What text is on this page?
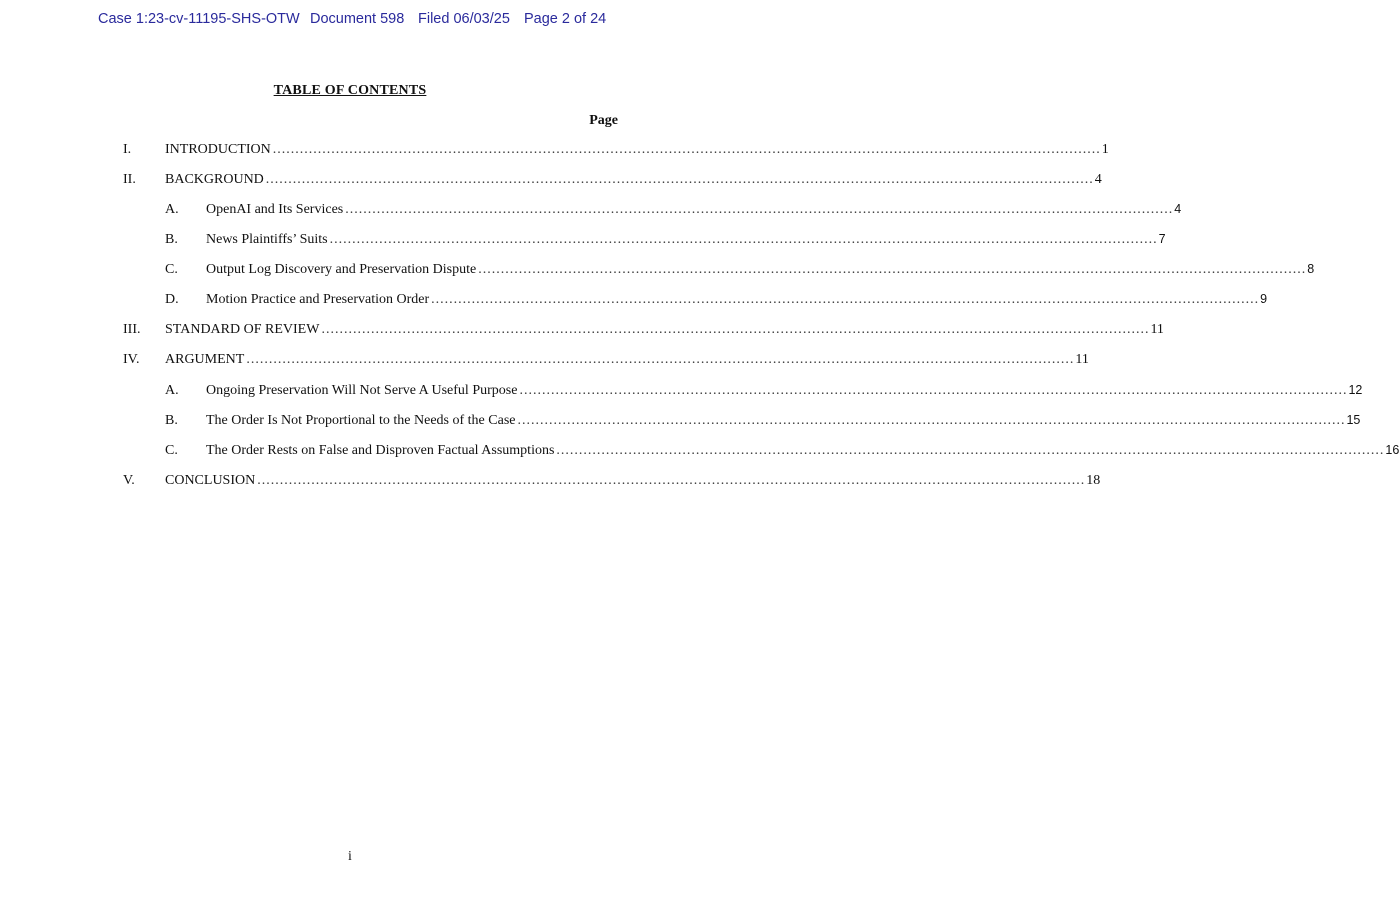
Case 1:23-cv-11195-SHS-OTW Document 598 Filed 06/03/25 Page 2 of 24
TABLE OF CONTENTS
Page
I. INTRODUCTION ........................................................................................................................................................................................ 1
II. BACKGROUND ........................................................................................................................................................................................ 4
A. OpenAI and Its Services ........................................................................................................................................................................................ 4
B. News Plaintiffs’ Suits ........................................................................................................................................................................................ 7
C. Output Log Discovery and Preservation Dispute ........................................................................................................................................................................................ 8
D. Motion Practice and Preservation Order ........................................................................................................................................................................................ 9
III. STANDARD OF REVIEW ........................................................................................................................................................................................ 11
IV. ARGUMENT ........................................................................................................................................................................................ 11
A. Ongoing Preservation Will Not Serve A Useful Purpose ........................................................................................................................................................................................ 12
B. The Order Is Not Proportional to the Needs of the Case ........................................................................................................................................................................................ 15
C. The Order Rests on False and Disproven Factual Assumptions ........................................................................................................................................................................................ 16
V. CONCLUSION ........................................................................................................................................................................................ 18
i
